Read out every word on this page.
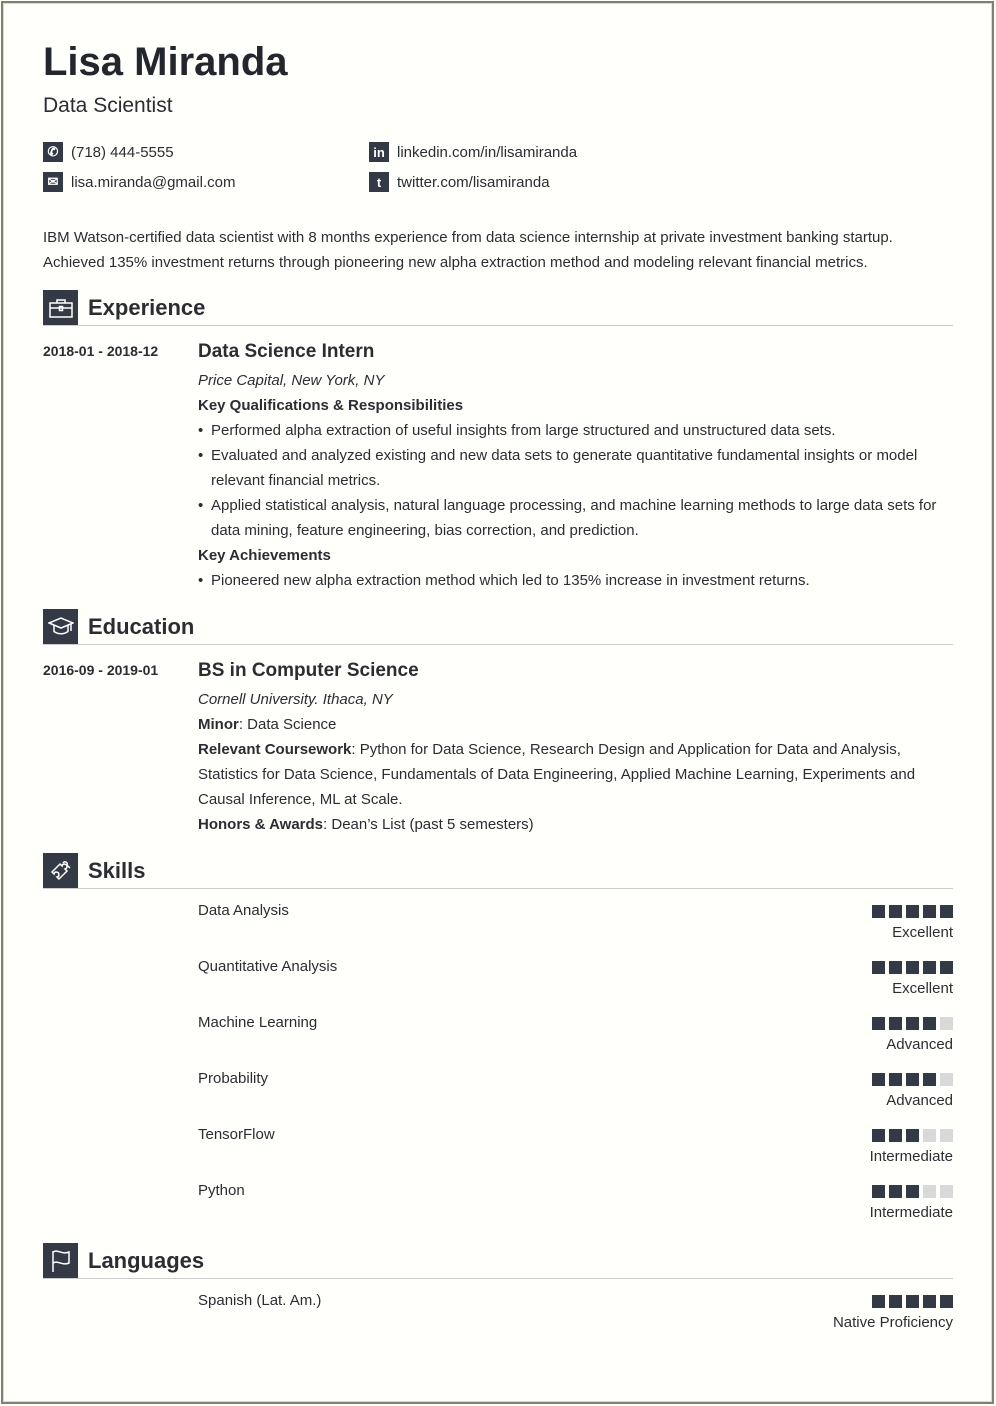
Lisa Miranda
Data Scientist
✆ (718) 444-5555
✉ lisa.miranda@gmail.com
in linkedin.com/in/lisamiranda
t	twitter.com/lisamiranda
IBM Watson-certified data scientist with 8 months experience from data science internship at private investment banking startup. Achieved 135% investment returns through pioneering new alpha extraction method and modeling relevant financial metrics.
Experience
2018-01 - 2018-12 Data Science Intern
Price Capital, New York, NY
Key Qualifications & Responsibilities
• Performed alpha extraction of useful insights from large structured and unstructured data sets.
• Evaluated and analyzed existing and new data sets to generate quantitative fundamental insights or model relevant financial metrics.
• Applied statistical analysis, natural language processing, and machine learning methods to large data sets for data mining, feature engineering, bias correction, and prediction.
Key Achievements
• Pioneered new alpha extraction method which led to 135% increase in investment returns.
Education
2016-09 - 2019-01 BS in Computer Science
Cornell University. Ithaca, NY
Minor: Data Science
Relevant Coursework: Python for Data Science, Research Design and Application for Data and Analysis, Statistics for Data Science, Fundamentals of Data Engineering, Applied Machine Learning, Experiments and Causal Inference, ML at Scale.
Honors & Awards: Dean’s List (past 5 semesters)
Skills
Data Analysis
Excellent
Quantitative Analysis
Excellent
Machine Learning
Advanced
Probability
Advanced
TensorFlow
Intermediate
Python
Intermediate
Languages
Spanish (Lat. Am.)
Native Proficiency
